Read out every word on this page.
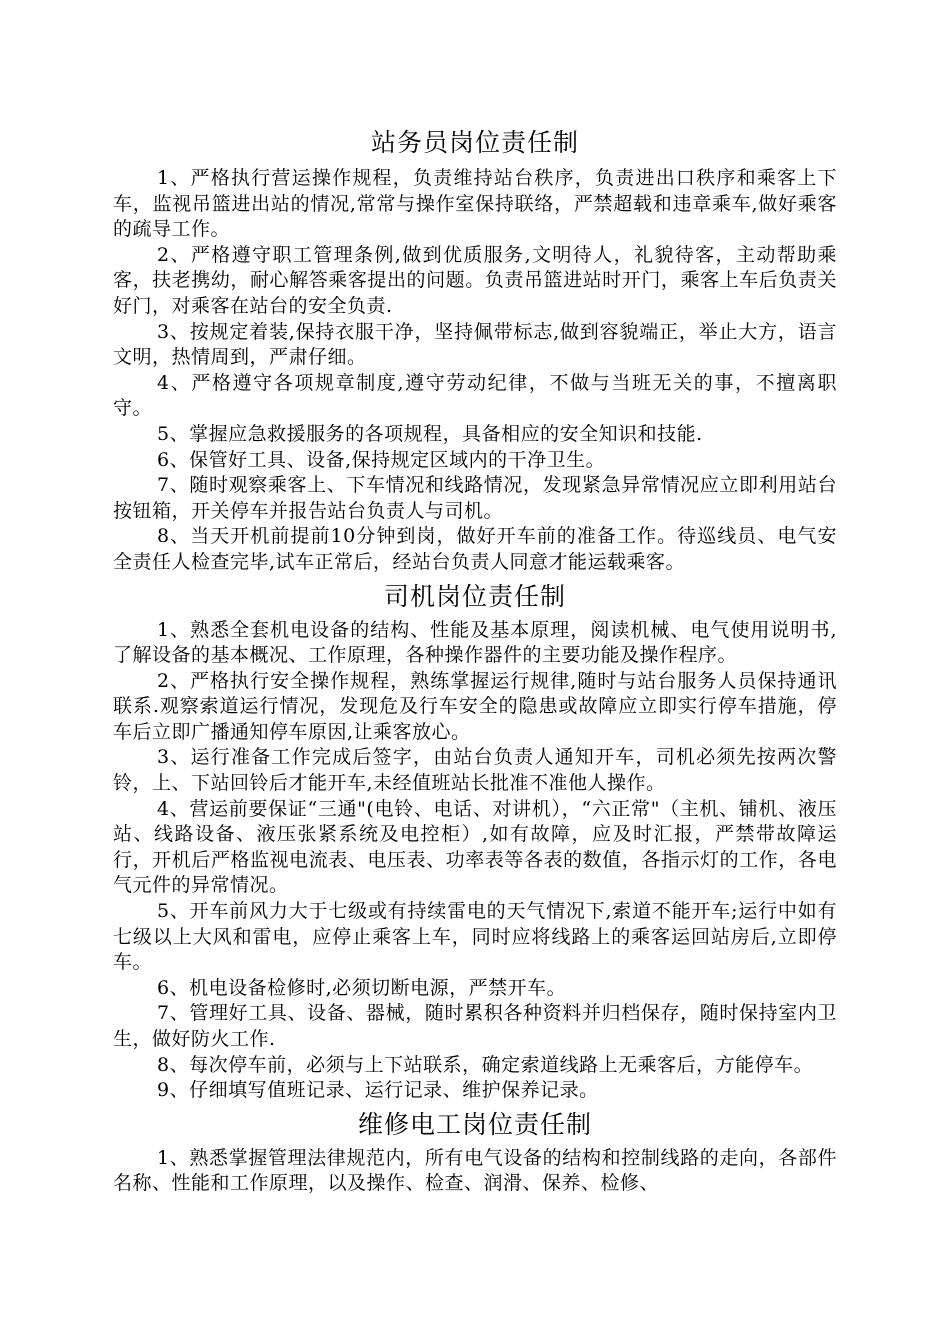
站务员岗位责任制

1、严格执行营运操作规程，负责维持站台秩序，负责进出口秩序和乘客上下车，监视吊篮进出站的情况,常常与操作室保持联络，严禁超载和违章乘车,做好乘客的疏导工作。

2、严格遵守职工管理条例,做到优质服务,文明待人，礼貌待客，主动帮助乘客，扶老携幼，耐心解答乘客提出的问题。负责吊篮进站时开门，乘客上车后负责关好门，对乘客在站台的安全负责.

3、按规定着装,保持衣服干净，坚持佩带标志,做到容貌端正，举止大方，语言文明，热情周到，严肃仔细。

4、严格遵守各项规章制度,遵守劳动纪律，不做与当班无关的事，不擅离职守。

5、掌握应急救援服务的各项规程，具备相应的安全知识和技能.

6、保管好工具、设备,保持规定区域内的干净卫生。

7、随时观察乘客上、下车情况和线路情况，发现紧急异常情况应立即利用站台按钮箱，开关停车并报告站台负责人与司机。

8、当天开机前提前10分钟到岗，做好开车前的准备工作。待巡线员、电气安全责任人检查完毕,试车正常后，经站台负责人同意才能运载乘客。

司机岗位责任制

1、熟悉全套机电设备的结构、性能及基本原理，阅读机械、电气使用说明书,了解设备的基本概况、工作原理，各种操作器件的主要功能及操作程序。

2、严格执行安全操作规程，熟练掌握运行规律,随时与站台服务人员保持通讯联系.观察索道运行情况，发现危及行车安全的隐患或故障应立即实行停车措施，停车后立即广播通知停车原因,让乘客放心。

3、运行准备工作完成后签字，由站台负责人通知开车，司机必须先按两次警铃，上、下站回铃后才能开车,未经值班站长批准不准他人操作。

4、营运前要保证“三通"(电铃、电话、对讲机），“六正常"（主机、铺机、液压站、线路设备、液压张紧系统及电控柜）,如有故障，应及时汇报，严禁带故障运行，开机后严格监视电流表、电压表、功率表等各表的数值，各指示灯的工作，各电气元件的异常情况。

5、开车前风力大于七级或有持续雷电的天气情况下,索道不能开车;运行中如有七级以上大风和雷电，应停止乘客上车，同时应将线路上的乘客运回站房后,立即停车。

6、机电设备检修时,必须切断电源，严禁开车。

7、管理好工具、设备、器械，随时累积各种资料并归档保存，随时保持室内卫生，做好防火工作.

8、每次停车前，必须与上下站联系，确定索道线路上无乘客后，方能停车。

9、仔细填写值班记录、运行记录、维护保养记录。

维修电工岗位责任制

1、熟悉掌握管理法律规范内，所有电气设备的结构和控制线路的走向，各部件名称、性能和工作原理，以及操作、检查、润滑、保养、检修、
